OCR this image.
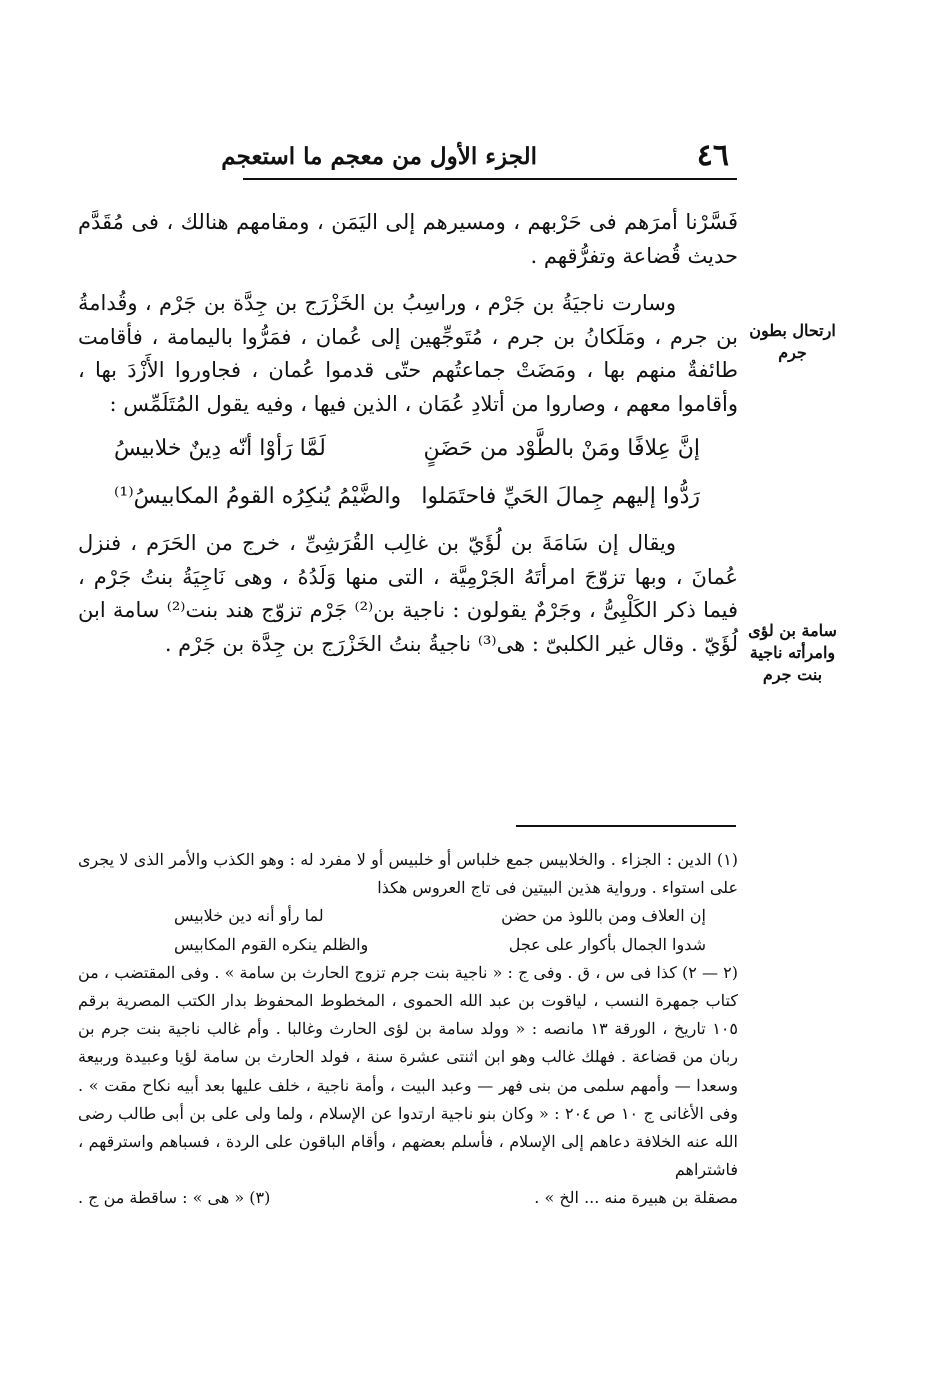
٤٦
الجزء الأول من معجم ما استعجم

فَسَّرْنا أمرَهم فى حَرْبهم ، ومسيرهم إلى اليَمَن ، ومقامهم هنالك ، فى مُقَدَّم حديث قُضاعة وتفرُّقهم .

وسارت ناجيَةُ بن جَرْم ، وراسِبُ بن الخَزْرَج بن جِدَّة بن جَرْم ، وقُدامةُ بن جرم ، ومَلَكانُ بن جرم ، مُتَوجِّهين إلى عُمان ، فمَرُّوا باليمامة ، فأقامت طائفةٌ منهم بها ، ومَضَتْ جماعتُهم حتّى قدموا عُمان ، فجاوروا الأَزْدَ بها ، وأقاموا معهم ، وصاروا من أتلادِ عُمَان ، الذين فيها ، وفيه يقول المُتَلَمِّس :

إنَّ عِلافًا ومَنْ بالطَّوْد من حَضَنٍ
لَمَّا رَأوْا أنّه دِينٌ خلابيسُ
رَدُّوا إليهم جِمالَ الحَيِّ فاحتَمَلوا
والضَّيْمُ يُنكِرُه القومُ المكابيسُ⁽¹⁾

ويقال إن سَامَةَ بن لُؤَيّ بن غالِب القُرَشِىِّ ، خرج من الحَرَم ، فنزل عُمانَ ، وبها تزوّجَ امرأتَهُ الجَرْمِيَّة ، التى منها وَلَدُهُ ، وهى نَاجِيَةُ بنتُ جَرْم ، فيما ذكر الكَلْبِىُّ ، وجَرْمٌ يقولون : ناجية بن⁽²⁾ جَرْم تزوّج هند بنت⁽²⁾ سامة ابن لُؤَيّ . وقال غير الكلبىّ : هى⁽³⁾ ناجيةُ بنتُ الخَزْرَج بن جِدَّة بن جَرْم .

ارتحال بطون جرم
سامة بن لؤى وامرأته ناجية بنت جرم

(١) الدين : الجزاء . والخلابيس جمع خلباس أو خلبيس أو لا مفرد له : وهو الكذب والأمر الذى لا يجرى على استواء . ورواية هذين البيتين فى تاج العروس هكذا

إن العلاف ومن باللوذ من حضن
لما رأو أنه دين خلابيس
شدوا الجمال بأكوار على عجل
والظلم ينكره القوم المكابيس

(٢ — ٢) كذا فى س ، ق . وفى ج : « ناجية بنت جرم تزوج الحارث بن سامة » . وفى المقتضب ، من كتاب جمهرة النسب ، لياقوت بن عبد الله الحموى ، المخطوط المحفوظ بدار الكتب المصرية برقم ١٠٥ تاريخ ، الورقة ١٣ مانصه : « وولد سامة بن لؤى الحارث وغالبا . وأم غالب ناجية بنت جرم بن ربان من قضاعة . فهلك غالب وهو ابن اثنتى عشرة سنة ، فولد الحارث بن سامة لؤيا وعبيدة وربيعة وسعدا — وأمهم سلمى من بنى فهر — وعبد البيت ، وأمة ناجية ، خلف عليها بعد أبيه نكاح مقت » . وفى الأغانى ج ١٠ ص ٢٠٤ : « وكان بنو ناجية ارتدوا عن الإسلام ، ولما ولى على بن أبى طالب رضى الله عنه الخلافة دعاهم إلى الإسلام ، فأسلم بعضهم ، وأقام الباقون على الردة ، فسباهم واسترقهم ، فاشتراهم

مصقلة بن هبيرة منه ... الخ » .
(٣) « هى » : ساقطة من ج .
